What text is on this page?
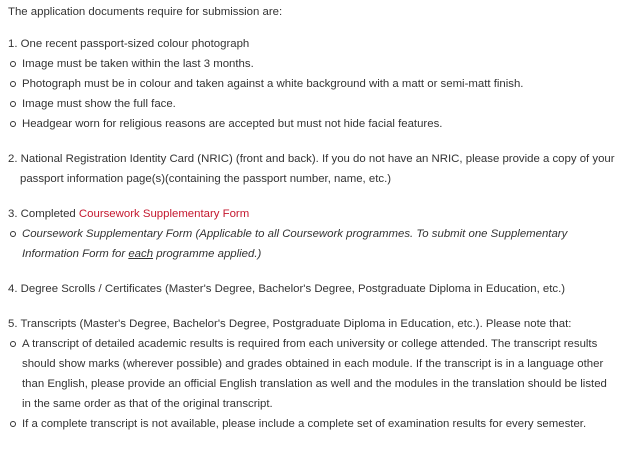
The application documents require for submission are:

1. One recent passport-sized colour photograph

Image must be taken within the last 3 months.
Photograph must be in colour and taken against a white background with a matt or semi-matt finish.
Image must show the full face.
Headgear worn for religious reasons are accepted but must not hide facial features.

2. National Registration Identity Card (NRIC) (front and back). If you do not have an NRIC, please provide a copy of your passport information page(s)(containing the passport number, name, etc.)

3. Completed Coursework Supplementary Form

Coursework Supplementary Form (Applicable to all Coursework programmes. To submit one Supplementary Information Form for each programme applied.)

4. Degree Scrolls / Certificates (Master's Degree, Bachelor's Degree, Postgraduate Diploma in Education, etc.)

5. Transcripts (Master's Degree, Bachelor's Degree, Postgraduate Diploma in Education, etc.). Please note that:

A transcript of detailed academic results is required from each university or college attended. The transcript results should show marks (wherever possible) and grades obtained in each module. If the transcript is in a language other than English, please provide an official English translation as well and the modules in the translation should be listed in the same order as that of the original transcript.
If a complete transcript is not available, please include a complete set of examination results for every semester.
